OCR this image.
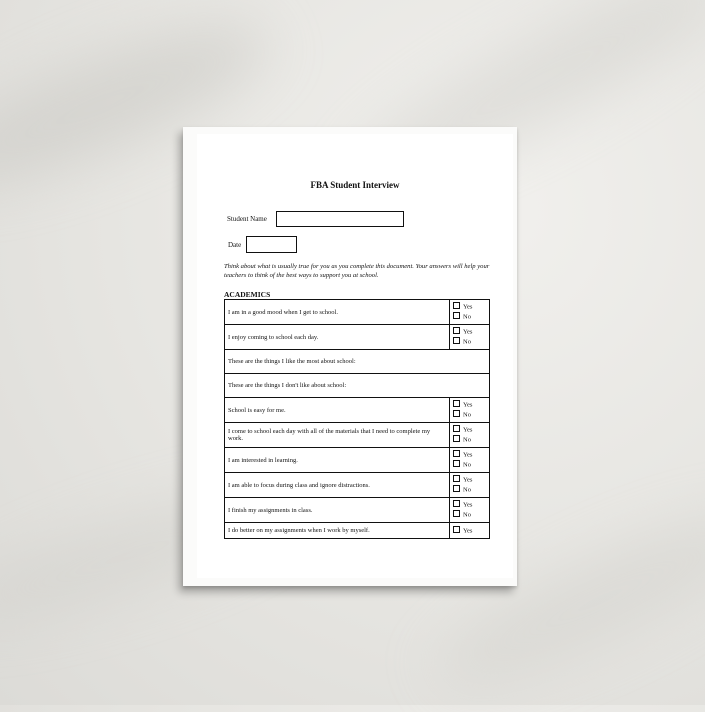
FBA Student Interview
Student Name
Date
Think about what is usually true for you as you complete this document. Your answers will help your teachers to think of the best ways to support you at school.
ACADEMICS
I am in a good mood when I get to school.	Yes
No

I enjoy coming to school each day.	Yes
No

These are the things I like the most about school:	
These are the things I don't like about school:	
School is easy for me.	Yes
No

I come to school each day with all of the materials that I need to complete my work.	Yes
No

I am interested in learning.	Yes
No

I am able to focus during class and ignore distractions.	Yes
No

I finish my assignments in class.	Yes
No

I do better on my assignments when I work by myself.	Yes
